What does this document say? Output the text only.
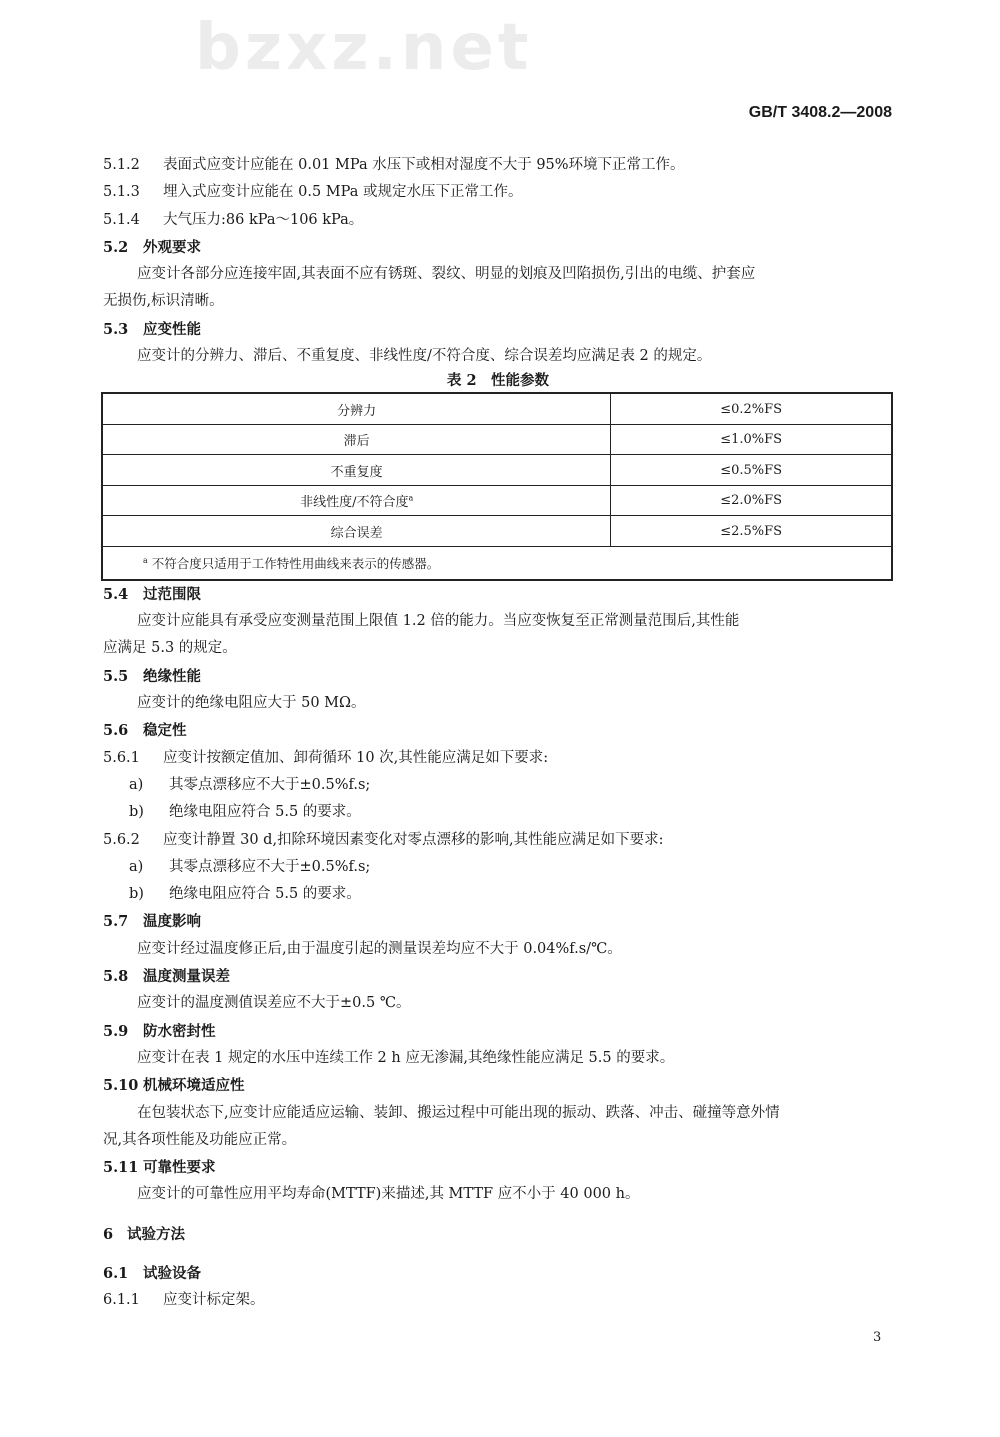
bzxz.net
GB/T 3408.2—2008
5.1.2 表面式应变计应能在 0.01 MPa 水压下或相对湿度不大于 95%环境下正常工作。
5.1.3 埋入式应变计应能在 0.5 MPa 或规定水压下正常工作。
5.1.4 大气压力:86 kPa～106 kPa。
5.2 外观要求
应变计各部分应连接牢固,其表面不应有锈斑、裂纹、明显的划痕及凹陷损伤,引出的电缆、护套应
无损伤,标识清晰。
5.3 应变性能
应变计的分辨力、滞后、不重复度、非线性度/不符合度、综合误差均应满足表 2 的规定。
表 2　性能参数
分辨力	≤0.2%FS
滞后	≤1.0%FS
不重复度	≤0.5%FS
非线性度/不符合度$^a$	≤2.0%FS
综合误差	≤2.5%FS
$^a$ 不符合度只适用于工作特性用曲线来表示的传感器。	
5.4 过范围限
应变计应能具有承受应变测量范围上限值 1.2 倍的能力。当应变恢复至正常测量范围后,其性能
应满足 5.3 的规定。
5.5 绝缘性能
应变计的绝缘电阻应大于 50 MΩ。
5.6 稳定性
5.6.1 应变计按额定值加、卸荷循环 10 次,其性能应满足如下要求:
a) 其零点漂移应不大于±0.5%f.s;
b) 绝缘电阻应符合 5.5 的要求。
5.6.2 应变计静置 30 d,扣除环境因素变化对零点漂移的影响,其性能应满足如下要求:
a) 其零点漂移应不大于±0.5%f.s;
b) 绝缘电阻应符合 5.5 的要求。
5.7 温度影响
应变计经过温度修正后,由于温度引起的测量误差均应不大于 0.04%f.s/℃。
5.8 温度测量误差
应变计的温度测值误差应不大于±0.5 ℃。
5.9 防水密封性
应变计在表 1 规定的水压中连续工作 2 h 应无渗漏,其绝缘性能应满足 5.5 的要求。
5.10 机械环境适应性
在包装状态下,应变计应能适应运输、装卸、搬运过程中可能出现的振动、跌落、冲击、碰撞等意外情
况,其各项性能及功能应正常。
5.11 可靠性要求
应变计的可靠性应用平均寿命(MTTF)来描述,其 MTTF 应不小于 40 000 h。
6 试验方法
6.1 试验设备
6.1.1 应变计标定架。
3
